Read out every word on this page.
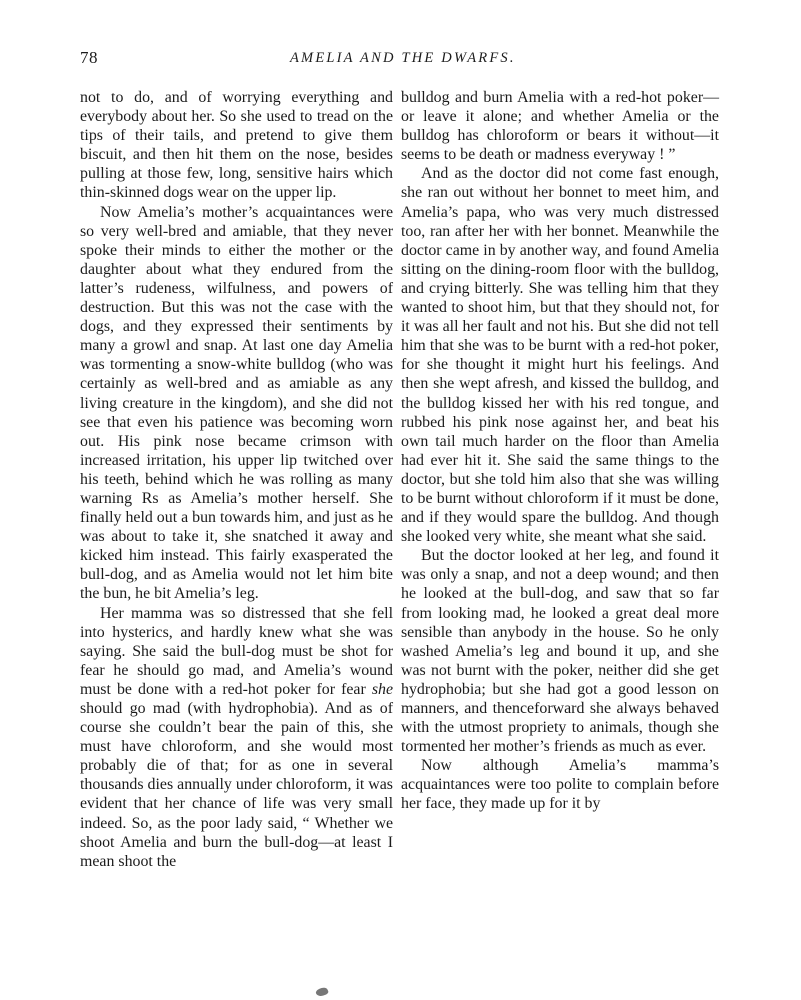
78	AMELIA AND THE DWARFS.

not to do, and of worrying everything and everybody about her. So she used to tread on the tips of their tails, and pretend to give them biscuit, and then hit them on the nose, besides pulling at those few, long, sensitive hairs which thin-skinned dogs wear on the upper lip.

Now Amelia’s mother’s acquaintances were so very well-bred and amiable, that they never spoke their minds to either the mother or the daughter about what they endured from the latter’s rudeness, wilfulness, and powers of destruction. But this was not the case with the dogs, and they expressed their sentiments by many a growl and snap. At last one day Amelia was tormenting a snow-white bulldog (who was certainly as well-bred and as amiable as any living creature in the kingdom), and she did not see that even his patience was becoming worn out. His pink nose became crimson with increased irritation, his upper lip twitched over his teeth, behind which he was rolling as many warning Rs as Amelia’s mother herself. She finally held out a bun towards him, and just as he was about to take it, she snatched it away and kicked him instead. This fairly exasperated the bull-dog, and as Amelia would not let him bite the bun, he bit Amelia’s leg.

Her mamma was so distressed that she fell into hysterics, and hardly knew what she was saying. She said the bull-dog must be shot for fear he should go mad, and Amelia’s wound must be done with a red-hot poker for fear she should go mad (with hydrophobia). And as of course she couldn’t bear the pain of this, she must have chloroform, and she would most probably die of that; for as one in several thousands dies annually under chloroform, it was evident that her chance of life was very small indeed. So, as the poor lady said, “ Whether we shoot Amelia and burn the bull-dog—at least I mean shoot the

bulldog and burn Amelia with a red-hot poker—or leave it alone; and whether Amelia or the bulldog has chloroform or bears it without—it seems to be death or madness everyway ! ”

And as the doctor did not come fast enough, she ran out without her bonnet to meet him, and Amelia’s papa, who was very much distressed too, ran after her with her bonnet. Meanwhile the doctor came in by another way, and found Amelia sitting on the dining-room floor with the bulldog, and crying bitterly. She was telling him that they wanted to shoot him, but that they should not, for it was all her fault and not his. But she did not tell him that she was to be burnt with a red-hot poker, for she thought it might hurt his feelings. And then she wept afresh, and kissed the bulldog, and the bulldog kissed her with his red tongue, and rubbed his pink nose against her, and beat his own tail much harder on the floor than Amelia had ever hit it. She said the same things to the doctor, but she told him also that she was willing to be burnt without chloroform if it must be done, and if they would spare the bulldog. And though she looked very white, she meant what she said.

But the doctor looked at her leg, and found it was only a snap, and not a deep wound; and then he looked at the bull-dog, and saw that so far from looking mad, he looked a great deal more sensible than anybody in the house. So he only washed Amelia’s leg and bound it up, and she was not burnt with the poker, neither did she get hydrophobia; but she had got a good lesson on manners, and thenceforward she always behaved with the utmost propriety to animals, though she tormented her mother’s friends as much as ever.

Now although Amelia’s mamma’s acquaintances were too polite to complain before her face, they made up for it by
